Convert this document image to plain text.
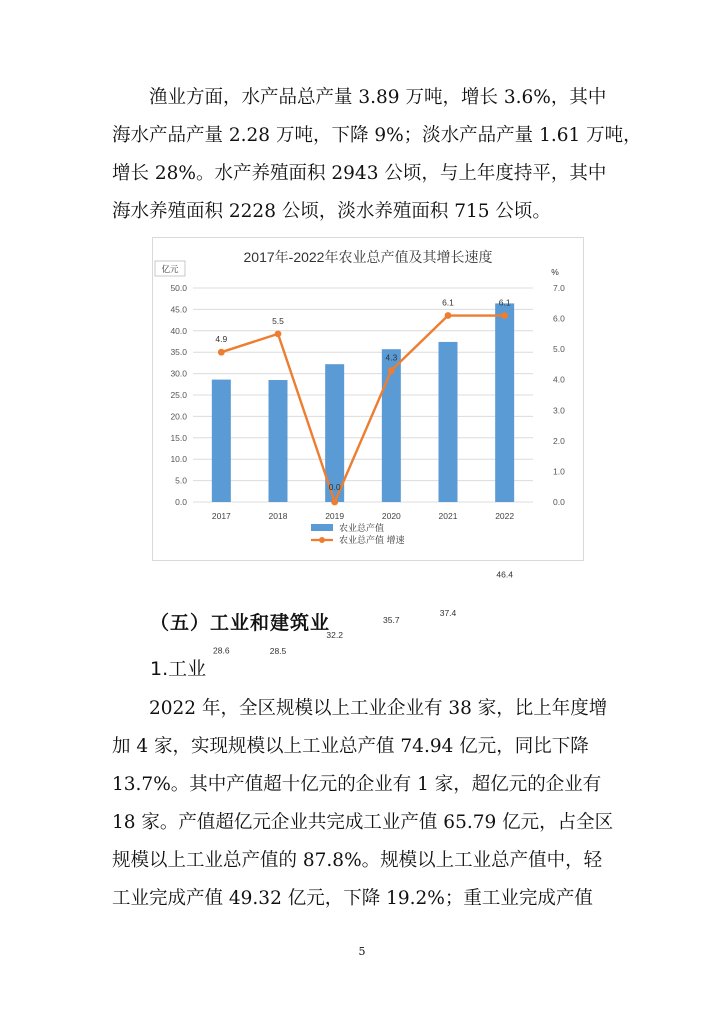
渔业方面，水产品总产量 3.89 万吨，增长 3.6%，其中
海水产品产量 2.28 万吨，下降 9%；淡水产品产量 1.61 万吨，
增长 28%。水产养殖面积 2943 公顷，与上年度持平，其中
海水养殖面积 2228 公顷，淡水养殖面积 715 公顷。
2017年-2022年农业总产值及其增长速度
28.6	28.5
32.2
35.7
37.4
46.4
4.9
5.5
0.0
4.3
6.1	6.1
0.0
5.0
10.0
15.0
20.0
25.0
30.0
35.0
40.0
45.0
50.0
0.0
1.0
2.0
3.0
4.0
5.0
6.0
7.0
亿元	%
2017	2018	2019	2020	2021	2022
农业总产值
农业总产值 增速
（五）工业和建筑业
1.工业
2022 年，全区规模以上工业企业有 38 家，比上年度增
加 4 家，实现规模以上工业总产值 74.94 亿元，同比下降
13.7%。其中产值超十亿元的企业有 1 家，超亿元的企业有
18 家。产值超亿元企业共完成工业产值 65.79 亿元，占全区
规模以上工业总产值的 87.8%。规模以上工业总产值中，轻
工业完成产值 49.32 亿元，下降 19.2%；重工业完成产值
5
